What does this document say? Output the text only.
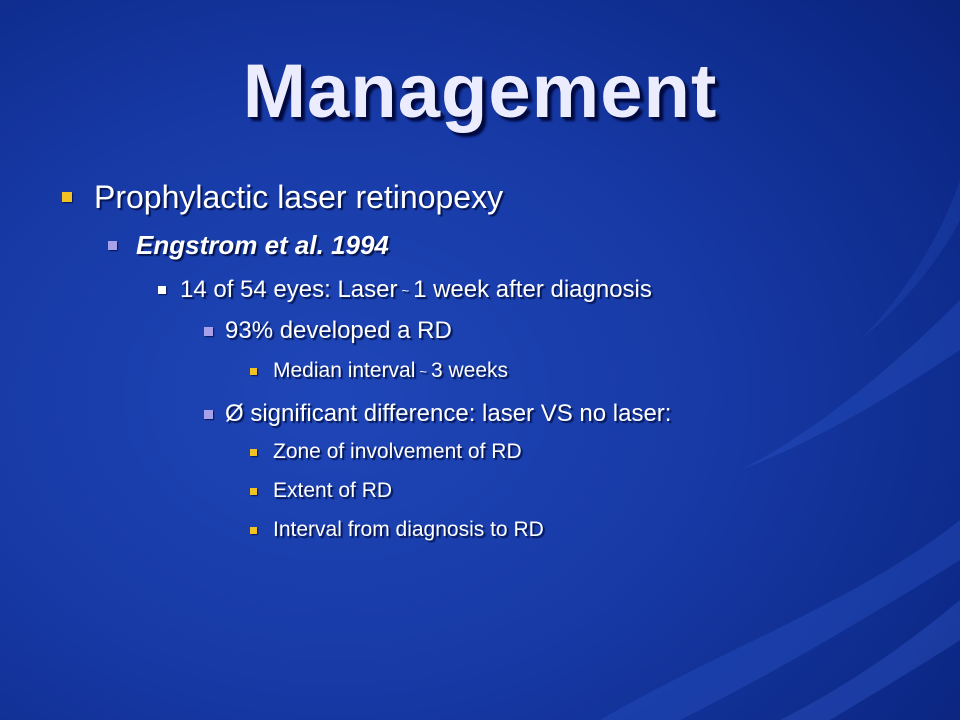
Management
Prophylactic laser retinopexy
Engstrom et al. 1994
14 of 54 eyes: Laser ~ 1 week after diagnosis
93% developed a RD
Median interval ~ 3 weeks
Ø significant difference: laser VS no laser:
Zone of involvement of RD
Extent of RD
Interval from diagnosis to RD
